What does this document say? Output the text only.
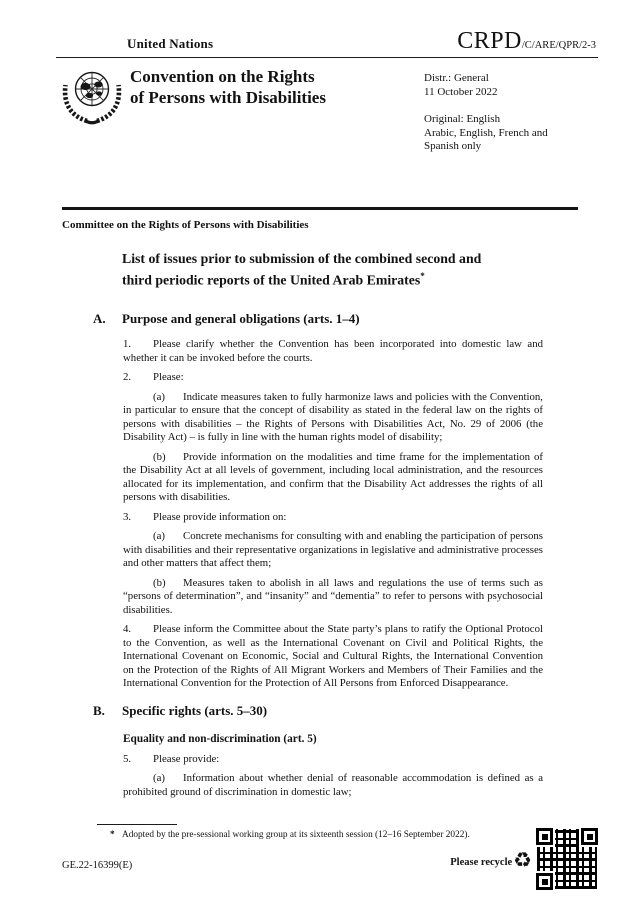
United Nations	CRPD /C/ARE/QPR/2-3
Convention on the Rights
of Persons with Disabilities
Distr.: General
11 October 2022
Original: English
Arabic, English, French and
Spanish only
Committee on the Rights of Persons with Disabilities
List of issues prior to submission of the combined second and
third periodic reports of the United Arab Emirates*
A. Purpose and general obligations (arts. 1–4)

1. Please clarify whether the Convention has been incorporated into domestic law and whether it can be invoked before the courts.

2. Please:

(a) Indicate measures taken to fully harmonize laws and policies with the Convention, in particular to ensure that the concept of disability as stated in the federal law on the rights of persons with disabilities – the Rights of Persons with Disabilities Act, No. 29 of 2006 (the Disability Act) – is fully in line with the human rights model of disability;

(b) Provide information on the modalities and time frame for the implementation of the Disability Act at all levels of government, including local administration, and the resources allocated for its implementation, and confirm that the Disability Act addresses the rights of all persons with disabilities.

3. Please provide information on:

(a) Concrete mechanisms for consulting with and enabling the participation of persons with disabilities and their representative organizations in legislative and administrative processes and other matters that affect them;

(b) Measures taken to abolish in all laws and regulations the use of terms such as “persons of determination”, and “insanity” and “dementia” to refer to persons with psychosocial disabilities.

4. Please inform the Committee about the State party’s plans to ratify the Optional Protocol to the Convention, as well as the International Covenant on Civil and Political Rights, the International Covenant on Economic, Social and Cultural Rights, the International Convention on the Protection of the Rights of All Migrant Workers and Members of Their Families and the International Convention for the Protection of All Persons from Enforced Disappearance.

B. Specific rights (arts. 5–30)
Equality and non-discrimination (art. 5)

5. Please provide:

(a) Information about whether denial of reasonable accommodation is defined as a prohibited ground of discrimination in domestic law;

* Adopted by the pre-sessional working group at its sixteenth session (12–16 September 2022).
GE.22-16399(E)	Please recycle ♻
